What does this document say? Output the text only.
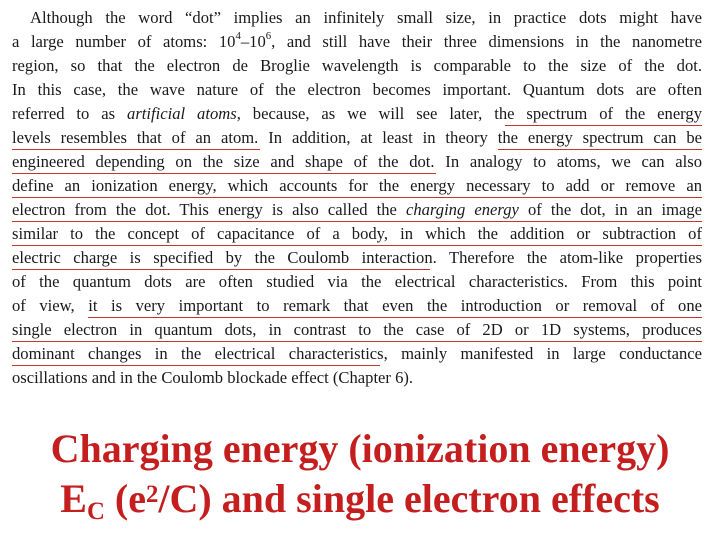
Although the word “dot” implies an infinitely small size, in practice dots might have
a large number of atoms: $10^4-10^6$, and still have their three dimensions in the nanometre
region, so that the electron de Broglie wavelength is comparable to the size of the dot.
In this case, the wave nature of the electron becomes important. Quantum dots are often
referred to as artificial atoms, because, as we will see later, the spectrum of the energy
levels resembles that of an atom. In addition, at least in theory the energy spectrum can be
engineered depending on the size and shape of the dot. In analogy to atoms, we can also
define an ionization energy, which accounts for the energy necessary to add or remove an
electron from the dot. This energy is also called the charging energy of the dot, in an image
similar to the concept of capacitance of a body, in which the addition or subtraction of
electric charge is specified by the Coulomb interaction. Therefore the atom-like properties
of the quantum dots are often studied via the electrical characteristics. From this point
of view, it is very important to remark that even the introduction or removal of one
single electron in quantum dots, in contrast to the case of 2D or 1D systems, produces
dominant changes in the electrical characteristics, mainly manifested in large conductance
oscillations and in the Coulomb blockade effect (Chapter 6).
Charging energy (ionization energy)
EC $(e^2/C)$ and single electron effects
